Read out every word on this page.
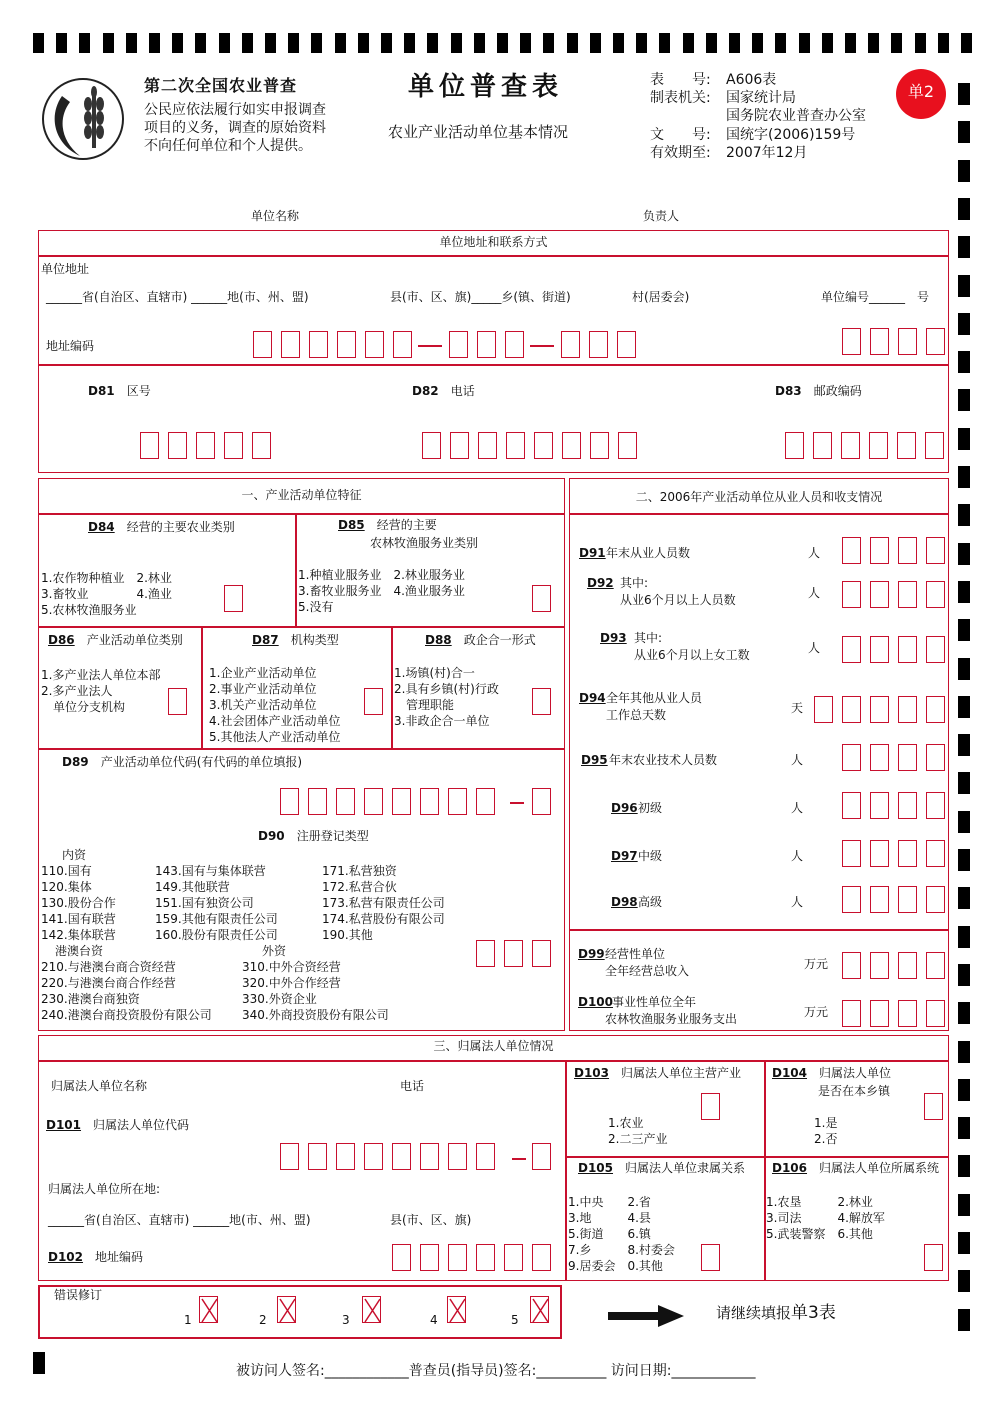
第二次全国农业普查
公民应依法履行如实申报调查
项目的义务，调查的原始资料
不向任何单位和个人提供。
单位普查表
农业产业活动单位基本情况
表　　号: A606表
制表机关: 国家统计局
国务院农业普查办公室
文　　号: 国统字(2006)159号
有效期至: 2007年12月
单2
单位名称	负责人
单位地址和联系方式
单位地址
______省(自治区、直辖市) ______地(市、州、盟)	县(市、区、旗)_____乡(镇、街道)	村(居委会)	单位编号______　号
地址编码
D81　 区号	D82　 电话	D83　 邮政编码
一、产业活动单位特征
D84　 经营的主要农业类别
1.农作物种植业　2.林业
3.畜牧业　　　　4.渔业
5.农林牧渔服务业
D85　 经营的主要
农林牧渔服务业类别
1.种植业服务业　2.林业服务业
3.畜牧业服务业　4.渔业服务业
5.没有
D86　 产业活动单位类别
1.多产业法人单位本部
2.多产业法人
　单位分支机构
D87　 机构类型
1.企业产业活动单位
2.事业产业活动单位
3.机关产业活动单位
4.社会团体产业活动单位
5.其他法人产业活动单位
D88　 政企合一形式
1.场镇(村)合一
2.具有乡镇(村)行政
　管理职能
3.非政企合一单位
D89　 产业活动单位代码(有代码的单位填报)
D90　 注册登记类型
内资
110.国有
120.集体
130.股份合作
141.国有联营
142.集体联营
143.国有与集体联营
149.其他联营
151.国有独资公司
159.其他有限责任公司
160.股份有限责任公司
171.私营独资
172.私营合伙
173.私营有限责任公司
174.私营股份有限公司
190.其他
210.与港澳台商合资经营
220.与港澳台商合作经营
230.港澳台商独资
240.港澳台商投资股份有限公司
310.中外合资经营
320.中外合作经营
330.外资企业
340.外商投资股份有限公司
港澳台资	外资
二、2006年产业活动单位从业人员和收支情况
D91 年末从业人员数	人
D92 其中:
从业6个月以上人员数	人
D93 其中:
从业6个月以上女工数	人
D94 全年其他从业人员
工作总天数	天
D95 年末农业技术人员数	人
D96 初级	人
D97 中级	人
D98 高级	人
D99 经营性单位
全年经营总收入	万元
D100
事业性单位全年
农林牧渔服务业服务支出	万元
三、归属法人单位情况
归属法人单位名称	电话
D101　 归属法人单位代码
归属法人单位所在地:
______省(自治区、直辖市) ______地(市、州、盟)	县(市、区、旗)
D102　 地址编码
D103　 归属法人单位主营产业
1.农业
2.二三产业
D104　 归属法人单位
是否在本乡镇
1.是
2.否
D105　 归属法人单位隶属关系
1.中央　　2.省
3.地　　　4.县
5.街道　　6.镇
7.乡　　　8.村委会
9.居委会　0.其他
D106　 归属法人单位所属系统
1.农垦　　　2.林业
3.司法　　　4.解放军
5.武装警察　6.其他
错误修订
1	2	3	4	5	请继续填报单3表
被访问人签名:____________普查员(指导员)签名:__________ 访问日期:____________
